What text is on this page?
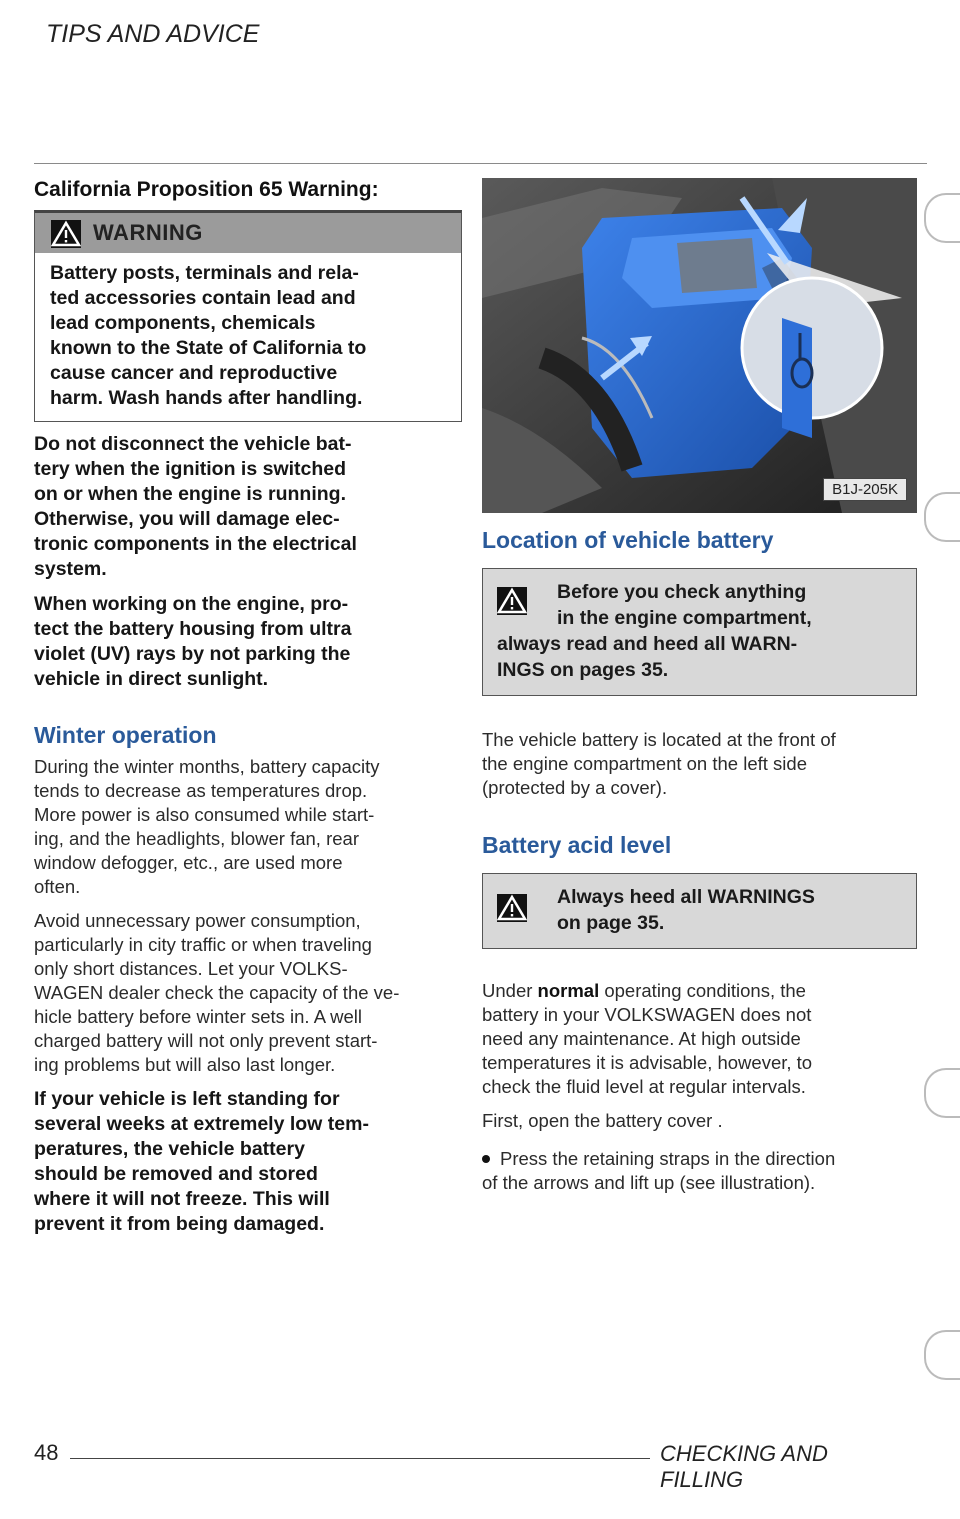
TIPS AND ADVICE
California Proposition 65 Warning:
WARNING
Battery posts, terminals and rela-
ted accessories contain lead and
lead components, chemicals
known to the State of California to
cause cancer and reproductive
harm. Wash hands after handling.
Do not disconnect the vehicle bat-
tery when the ignition is switched
on or when the engine is running.
Otherwise, you will damage elec-
tronic components in the electrical
system.
When working on the engine, pro-
tect the battery housing from ultra
violet (UV) rays by not parking the
vehicle in direct sunlight.
Winter operation
During the winter months, battery capacity
tends to decrease as temperatures drop.
More power is also consumed while start-
ing, and the headlights, blower fan, rear
window defogger, etc., are used more
often.
Avoid unnecessary power consumption,
particularly in city traffic or when traveling
only short distances. Let your VOLKS-
WAGEN dealer check the capacity of the ve-
hicle battery before winter sets in. A well
charged battery will not only prevent start-
ing problems but will also last longer.
If your vehicle is left standing for
several weeks at extremely low tem-
peratures, the vehicle battery
should be removed and stored
where it will not freeze. This will
prevent it from being damaged.
B1J-205K
Location of vehicle battery
Before you check anything
in the engine compartment,
always read and heed all WARN-
INGS on pages 35.
The vehicle battery is located at the front of
the engine compartment on the left side
(protected by a cover).
Battery acid level
Always heed all WARNINGS
on page 35.
Under normal operating conditions, the
battery in your VOLKSWAGEN does not
need any maintenance. At high outside
temperatures it is advisable, however, to
check the fluid level at regular intervals.
First, open the battery cover .
Press the retaining straps in the direction
of the arrows and lift up (see illustration).
48	CHECKING AND FILLING
